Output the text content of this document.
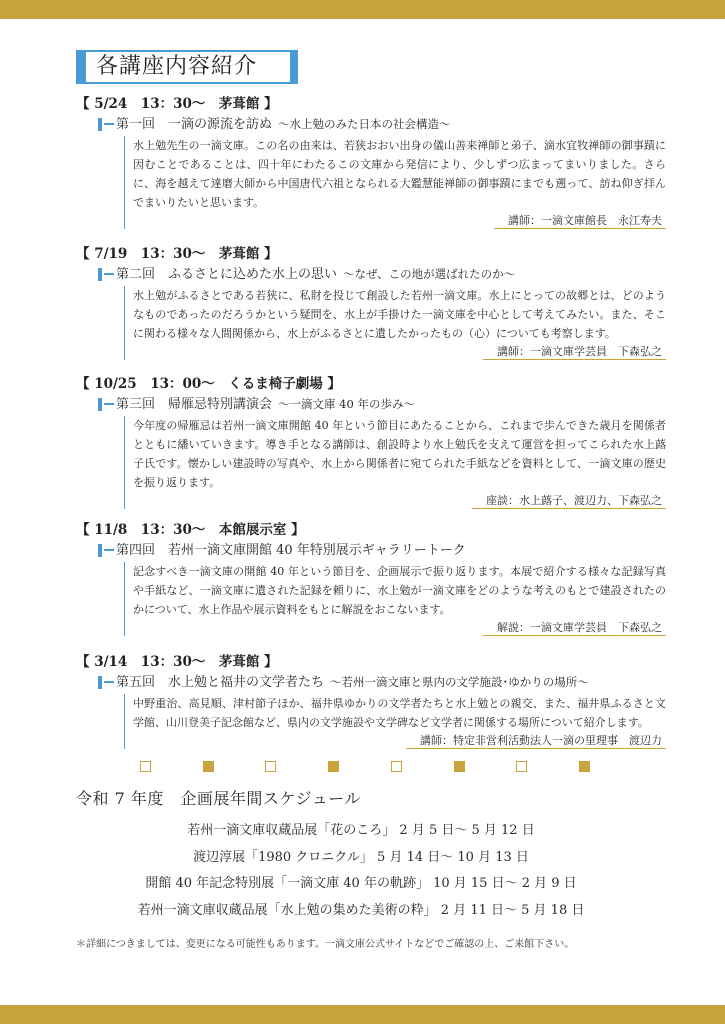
各講座内容紹介
【 5/24　13：30～　茅葺館 】
第一回　一滴の源流を訪ぬ ～水上勉のみた日本の社会構造～
水上勉先生の一滴文庫。この名の由来は、若狭おおい出身の儀山善来禅師と弟子、滴水宜牧禅師の御事蹟に因むことであることは、四十年にわたるこの文庫から発信により、少しずつ広まってまいりました。さらに、海を越えて達磨大師から中国唐代六祖となられる大鑑慧能禅師の御事蹟にまでも遡って、訪ね仰ぎ拝んでまいりたいと思います。
講師：一滴文庫館長　永江寿夫
【 7/19　13：30～　茅葺館 】
第二回　ふるさとに込めた水上の思い ～なぜ、この地が選ばれたのか～
水上勉がふるさとである若狭に、私財を投じて創設した若州一滴文庫。水上にとっての故郷とは、どのようなものであったのだろうかという疑問を、水上が手掛けた一滴文庫を中心として考えてみたい。また、そこに関わる様々な人間関係から、水上がふるさとに遺したかったもの（心）についても考察します。
講師：一滴文庫学芸員　下森弘之
【 10/25　13：00～　くるま椅子劇場 】
第三回　帰雁忌特別講演会 ～一滴文庫 40 年の歩み～
今年度の帰雁忌は若州一滴文庫開館 40 年という節目にあたることから、これまで歩んできた歳月を関係者とともに繙いていきます。導き手となる講師は、創設時より水上勉氏を支えて運営を担ってこられた水上蕗子氏です。懐かしい建設時の写真や、水上から関係者に宛てられた手紙などを資料として、一滴文庫の歴史を振り返ります。
座談：水上蕗子、渡辺力、下森弘之
【 11/8　13：30～　本館展示室 】
第四回　若州一滴文庫開館 40 年特別展示ギャラリートーク
記念すべき一滴文庫の開館 40 年という節目を、企画展示で振り返ります。本展で紹介する様々な記録写真や手紙など、一滴文庫に遺された記録を頼りに、水上勉が一滴文庫をどのような考えのもとで建設されたのかについて、水上作品や展示資料をもとに解説をおこないます。
解説：一滴文庫学芸員　下森弘之
【 3/14　13：30～　茅葺館 】
第五回　水上勉と福井の文学者たち ～若州一滴文庫と県内の文学施設･ゆかりの場所～
中野重治、高見順、津村節子ほか、福井県ゆかりの文学者たちと水上勉との親交、また、福井県ふるさと文学館、山川登美子記念館など、県内の文学施設や文学碑など文学者に関係する場所について紹介します。
講師：特定非営利活動法人一滴の里理事　渡辺力
令和 7 年度　企画展年間スケジュール
若州一滴文庫収蔵品展「花のころ」 2 月 5 日～ 5 月 12 日
渡辺淳展「1980 クロニクル」 5 月 14 日～ 10 月 13 日
開館 40 年記念特別展「一滴文庫 40 年の軌跡」 10 月 15 日～ 2 月 9 日
若州一滴文庫収蔵品展「水上勉の集めた美術の粋」 2 月 11 日～ 5 月 18 日
＊詳細につきましては、変更になる可能性もあります。一滴文庫公式サイトなどでご確認の上、ご来館下さい。
